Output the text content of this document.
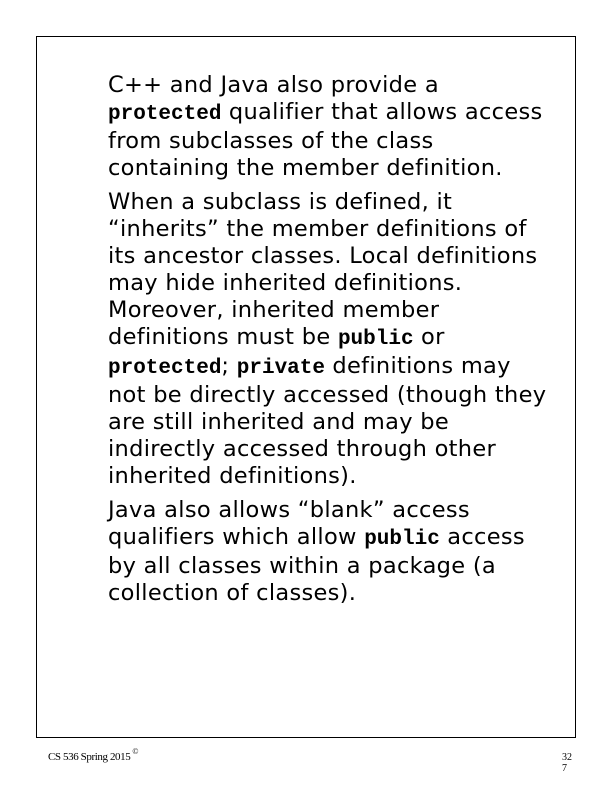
C++ and Java also provide a protected qualifier that allows access from subclasses of the class containing the member definition.

When a subclass is defined, it “inherits” the member definitions of its ancestor classes. Local definitions may hide inherited definitions. Moreover, inherited member definitions must be public or protected; private definitions may not be directly accessed (though they are still inherited and may be indirectly accessed through other inherited definitions).

Java also allows “blank” access qualifiers which allow public access by all classes within a package (a collection of classes).

CS 536 Spring 2015 ©
32
7
